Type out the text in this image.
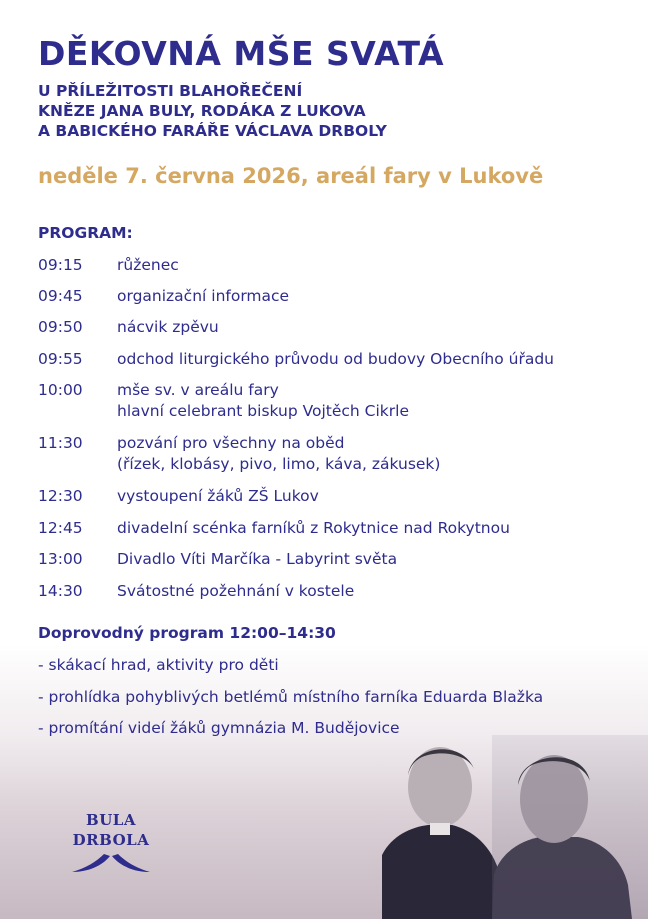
DĚKOVNÁ MŠE SVATÁ
U PŘÍLEŽITOSTI BLAHOŘEČENÍ
KNĚZE JANA BULY, RODÁKA Z LUKOVA
A BABICKÉHO FARÁŘE VÁCLAVA DRBOLY
neděle 7. června 2026, areál fary v Lukově
PROGRAM:
09:15	růženec
09:45	organizační informace
09:50	nácvik zpěvu
09:55	odchod liturgického průvodu od budovy Obecního úřadu
10:00	mše sv. v areálu fary
hlavní celebrant biskup Vojtěch Cikrle
11:30	pozvání pro všechny na oběd
(řízek, klobásy, pivo, limo, káva, zákusek)
12:30	vystoupení žáků ZŠ Lukov
12:45	divadelní scénka farníků z Rokytnice nad Rokytnou
13:00	Divadlo Víti Marčíka - Labyrint světa
14:30	Svátostné požehnání v kostele
Doprovodný program 12:00–14:30
- skákací hrad, aktivity pro děti
- prohlídka pohyblivých betlémů místního farníka Eduarda Blažka
- promítání videí žáků gymnázia M. Budějovice
BULA
DRBOLA
